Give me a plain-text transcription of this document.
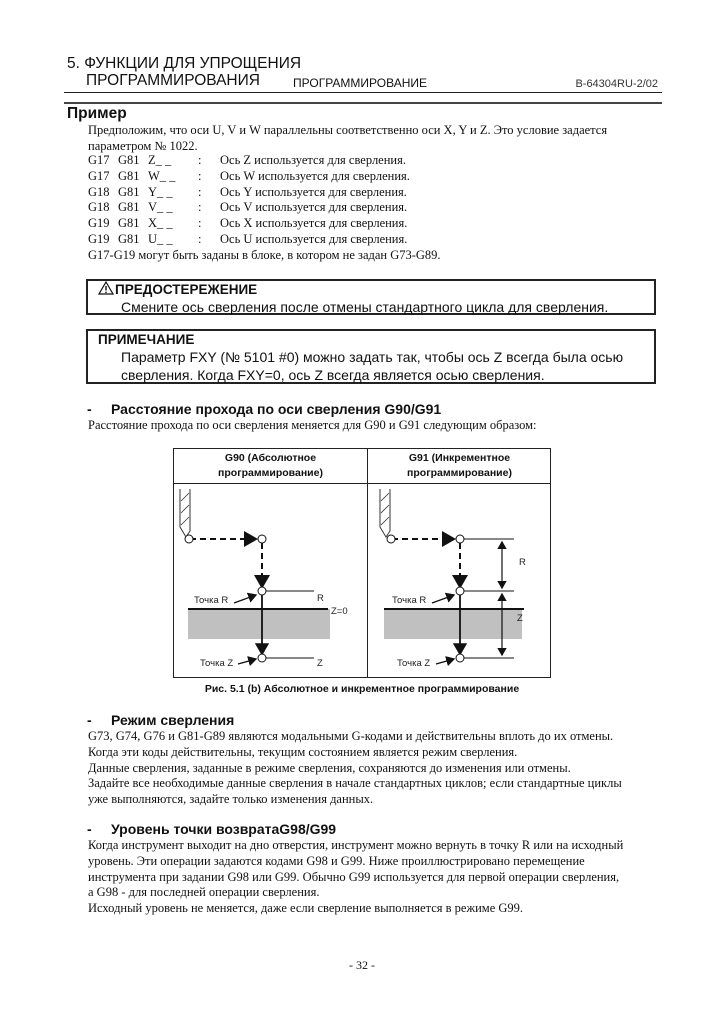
5. ФУНКЦИИ ДЛЯ УПРОЩЕНИЯ
ПРОГРАММИРОВАНИЯ	ПРОГРАММИРОВАНИЕ	B-64304RU-2/02
Пример
Предположим, что оси U, V и W параллельны соответственно оси X, Y и Z. Это условие задается
параметром № 1022.
G17 G81 Z_ _	:	Ось Z используется для сверления.
G17 G81 W_ _	:	Ось W используется для сверления.
G18 G81 Y_ _	:	Ось Y используется для сверления.
G18 G81 V_ _	:	Ось V используется для сверления.
G19 G81 X_ _	:	Ось X используется для сверления.
G19 G81 U_ _	:	Ось U используется для сверления.
G17-G19 могут быть заданы в блоке, в котором не задан G73-G89.
ПРЕДОСТЕРЕЖЕНИЕ
Смените ось сверления после отмены стандартного цикла для сверления.
ПРИМЕЧАНИЕ
Параметр FXY (№ 5101 #0) можно задать так, чтобы ось Z всегда была осью
сверления. Когда FXY=0, ось Z всегда является осью сверления.
- Расстояние прохода по оси сверления G90/G91
Расстояние прохода по оси сверления меняется для G90 и G91 следующим образом:
G90 (Абсолютное
программирование)
G91 (Инкрементное
программирование)
Точка R	R
Z=0
Точка Z	Z
Точка R
R
Z
Точка Z
Рис. 5.1 (b) Абсолютное и инкрементное программирование
- Режим сверления
G73, G74, G76 и G81-G89 являются модальными G-кодами и действительны вплоть до их отмены.
Когда эти коды действительны, текущим состоянием является режим сверления.
Данные сверления, заданные в режиме сверления, сохраняются до изменения или отмены.
Задайте все необходимые данные сверления в начале стандартных циклов; если стандартные циклы
уже выполняются, задайте только изменения данных.
- Уровень точки возвратаG98/G99
Когда инструмент выходит на дно отверстия, инструмент можно вернуть в точку R или на исходный
уровень. Эти операции задаются кодами G98 и G99. Ниже проиллюстрировано перемещение
инструмента при задании G98 или G99. Обычно G99 используется для первой операции сверления,
а G98 - для последней операции сверления.
Исходный уровень не меняется, даже если сверление выполняется в режиме G99.
- 32 -
